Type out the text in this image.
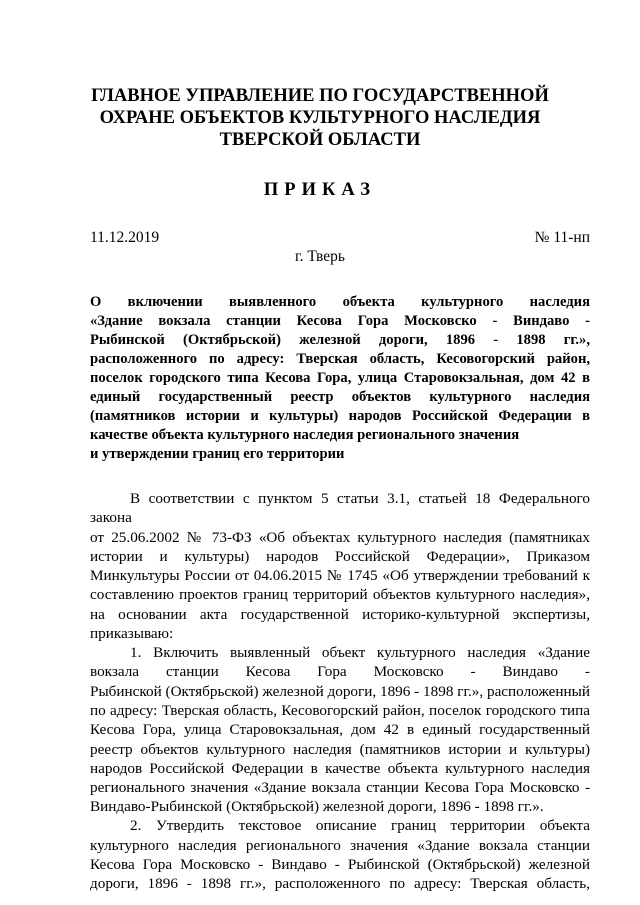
ГЛАВНОЕ УПРАВЛЕНИЕ ПО ГОСУДАРСТВЕННОЙ
ОХРАНЕ ОБЪЕКТОВ КУЛЬТУРНОГО НАСЛЕДИЯ
ТВЕРСКОЙ ОБЛАСТИ
ПРИКАЗ
11.12.2019	№ 11-нп
г. Тверь
О включении выявленного объекта культурного наследия
«Здание вокзала станции Кесова Гора Московско - Виндаво -
Рыбинской (Октябрьской) железной дороги, 1896 - 1898 гг.»,
расположенного по адресу: Тверская область, Кесовогорский район,
поселок городского типа Кесова Гора, улица Старовокзальная, дом 42 в
единый государственный реестр объектов культурного наследия
(памятников истории и культуры) народов Российской Федерации в
качестве объекта культурного наследия регионального значения
и утверждении границ его территории
В соответствии с пунктом 5 статьи 3.1, статьей 18 Федерального закона
от 25.06.2002 № 73-ФЗ «Об объектах культурного наследия (памятниках
истории и культуры) народов Российской Федерации», Приказом
Минкультуры России от 04.06.2015 № 1745 «Об утверждении требований к
составлению проектов границ территорий объектов культурного наследия»,
на основании акта государственной историко-культурной экспертизы,
приказываю:
1. Включить выявленный объект культурного наследия «Здание
вокзала станции Кесова Гора Московско - Виндаво -
Рыбинской (Октябрьской) железной дороги, 1896 - 1898 гг.», расположенный
по адресу: Тверская область, Кесовогорский район, поселок городского типа
Кесова Гора, улица Старовокзальная, дом 42 в единый государственный
реестр объектов культурного наследия (памятников истории и культуры)
народов Российской Федерации в качестве объекта культурного наследия
регионального значения «Здание вокзала станции Кесова Гора Московско -
Виндаво-Рыбинской (Октябрьской) железной дороги, 1896 - 1898 гг.».
2. Утвердить текстовое описание границ территории объекта
культурного наследия регионального значения «Здание вокзала станции
Кесова Гора Московско - Виндаво - Рыбинской (Октябрьской) железной
дороги, 1896 - 1898 гг.», расположенного по адресу: Тверская область,
